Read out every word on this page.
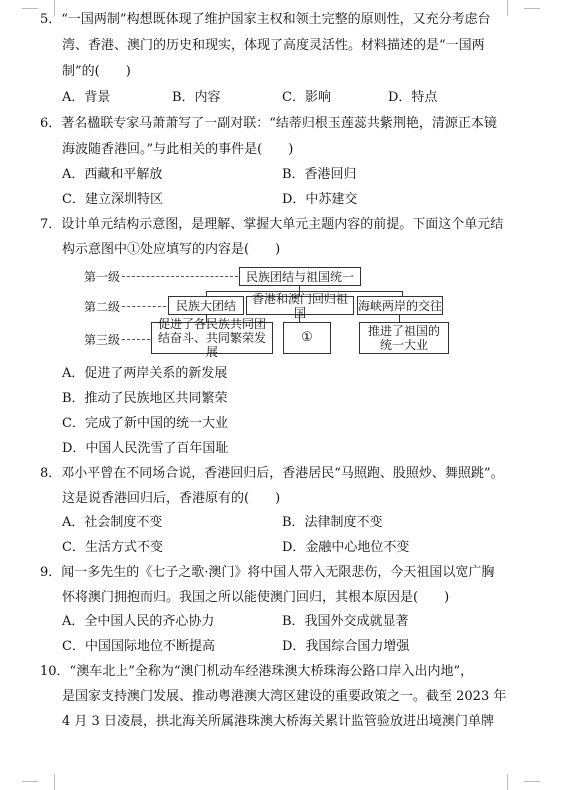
5．“一国两制”构想既体现了维护国家主权和领土完整的原则性，又充分考虑台
湾、香港、澳门的历史和现实，体现了高度灵活性。材料描述的是“一国两
制”的(　　)
A．背景	B．内容	C．影响	D．特点
6．著名楹联专家马萧萧写了一副对联：“结蒂归根玉莲蕊共紫荆艳，清源正本镜
海波随香港回。”与此相关的事件是(　　)
A．西藏和平解放	B．香港回归
C．建立深圳特区	D．中苏建交
7．设计单元结构示意图，是理解、掌握大单元主题内容的前提。下面这个单元结
构示意图中①处应填写的内容是(　　)
第一级
第二级
第三级
民族团结与祖国统一
民族大团结	香港和澳门回归祖国	海峡两岸的交往
促进了各民族共同团结奋斗、共同繁荣发展
①	推进了祖国的统一大业
A．促进了两岸关系的新发展
B．推动了民族地区共同繁荣
C．完成了新中国的统一大业
D．中国人民洗雪了百年国耻
8．邓小平曾在不同场合说，香港回归后，香港居民“马照跑、股照炒、舞照跳”。
这是说香港回归后，香港原有的(　　)
A．社会制度不变	B．法律制度不变
C．生活方式不变	D．金融中心地位不变
9．闻一多先生的《七子之歌·澳门》将中国人带入无限悲伤，今天祖国以宽广胸
怀将澳门拥抱而归。我国之所以能使澳门回归，其根本原因是(　　)
A．全中国人民的齐心协力	B．我国外交成就显著
C．中国国际地位不断提高	D．我国综合国力增强
10．“澳车北上”全称为“澳门机动车经港珠澳大桥珠海公路口岸入出内地”，
是国家支持澳门发展、推动粤港澳大湾区建设的重要政策之一。截至 2023 年
4 月 3 日凌晨，拱北海关所属港珠澳大桥海关累计监管验放进出境澳门单牌
